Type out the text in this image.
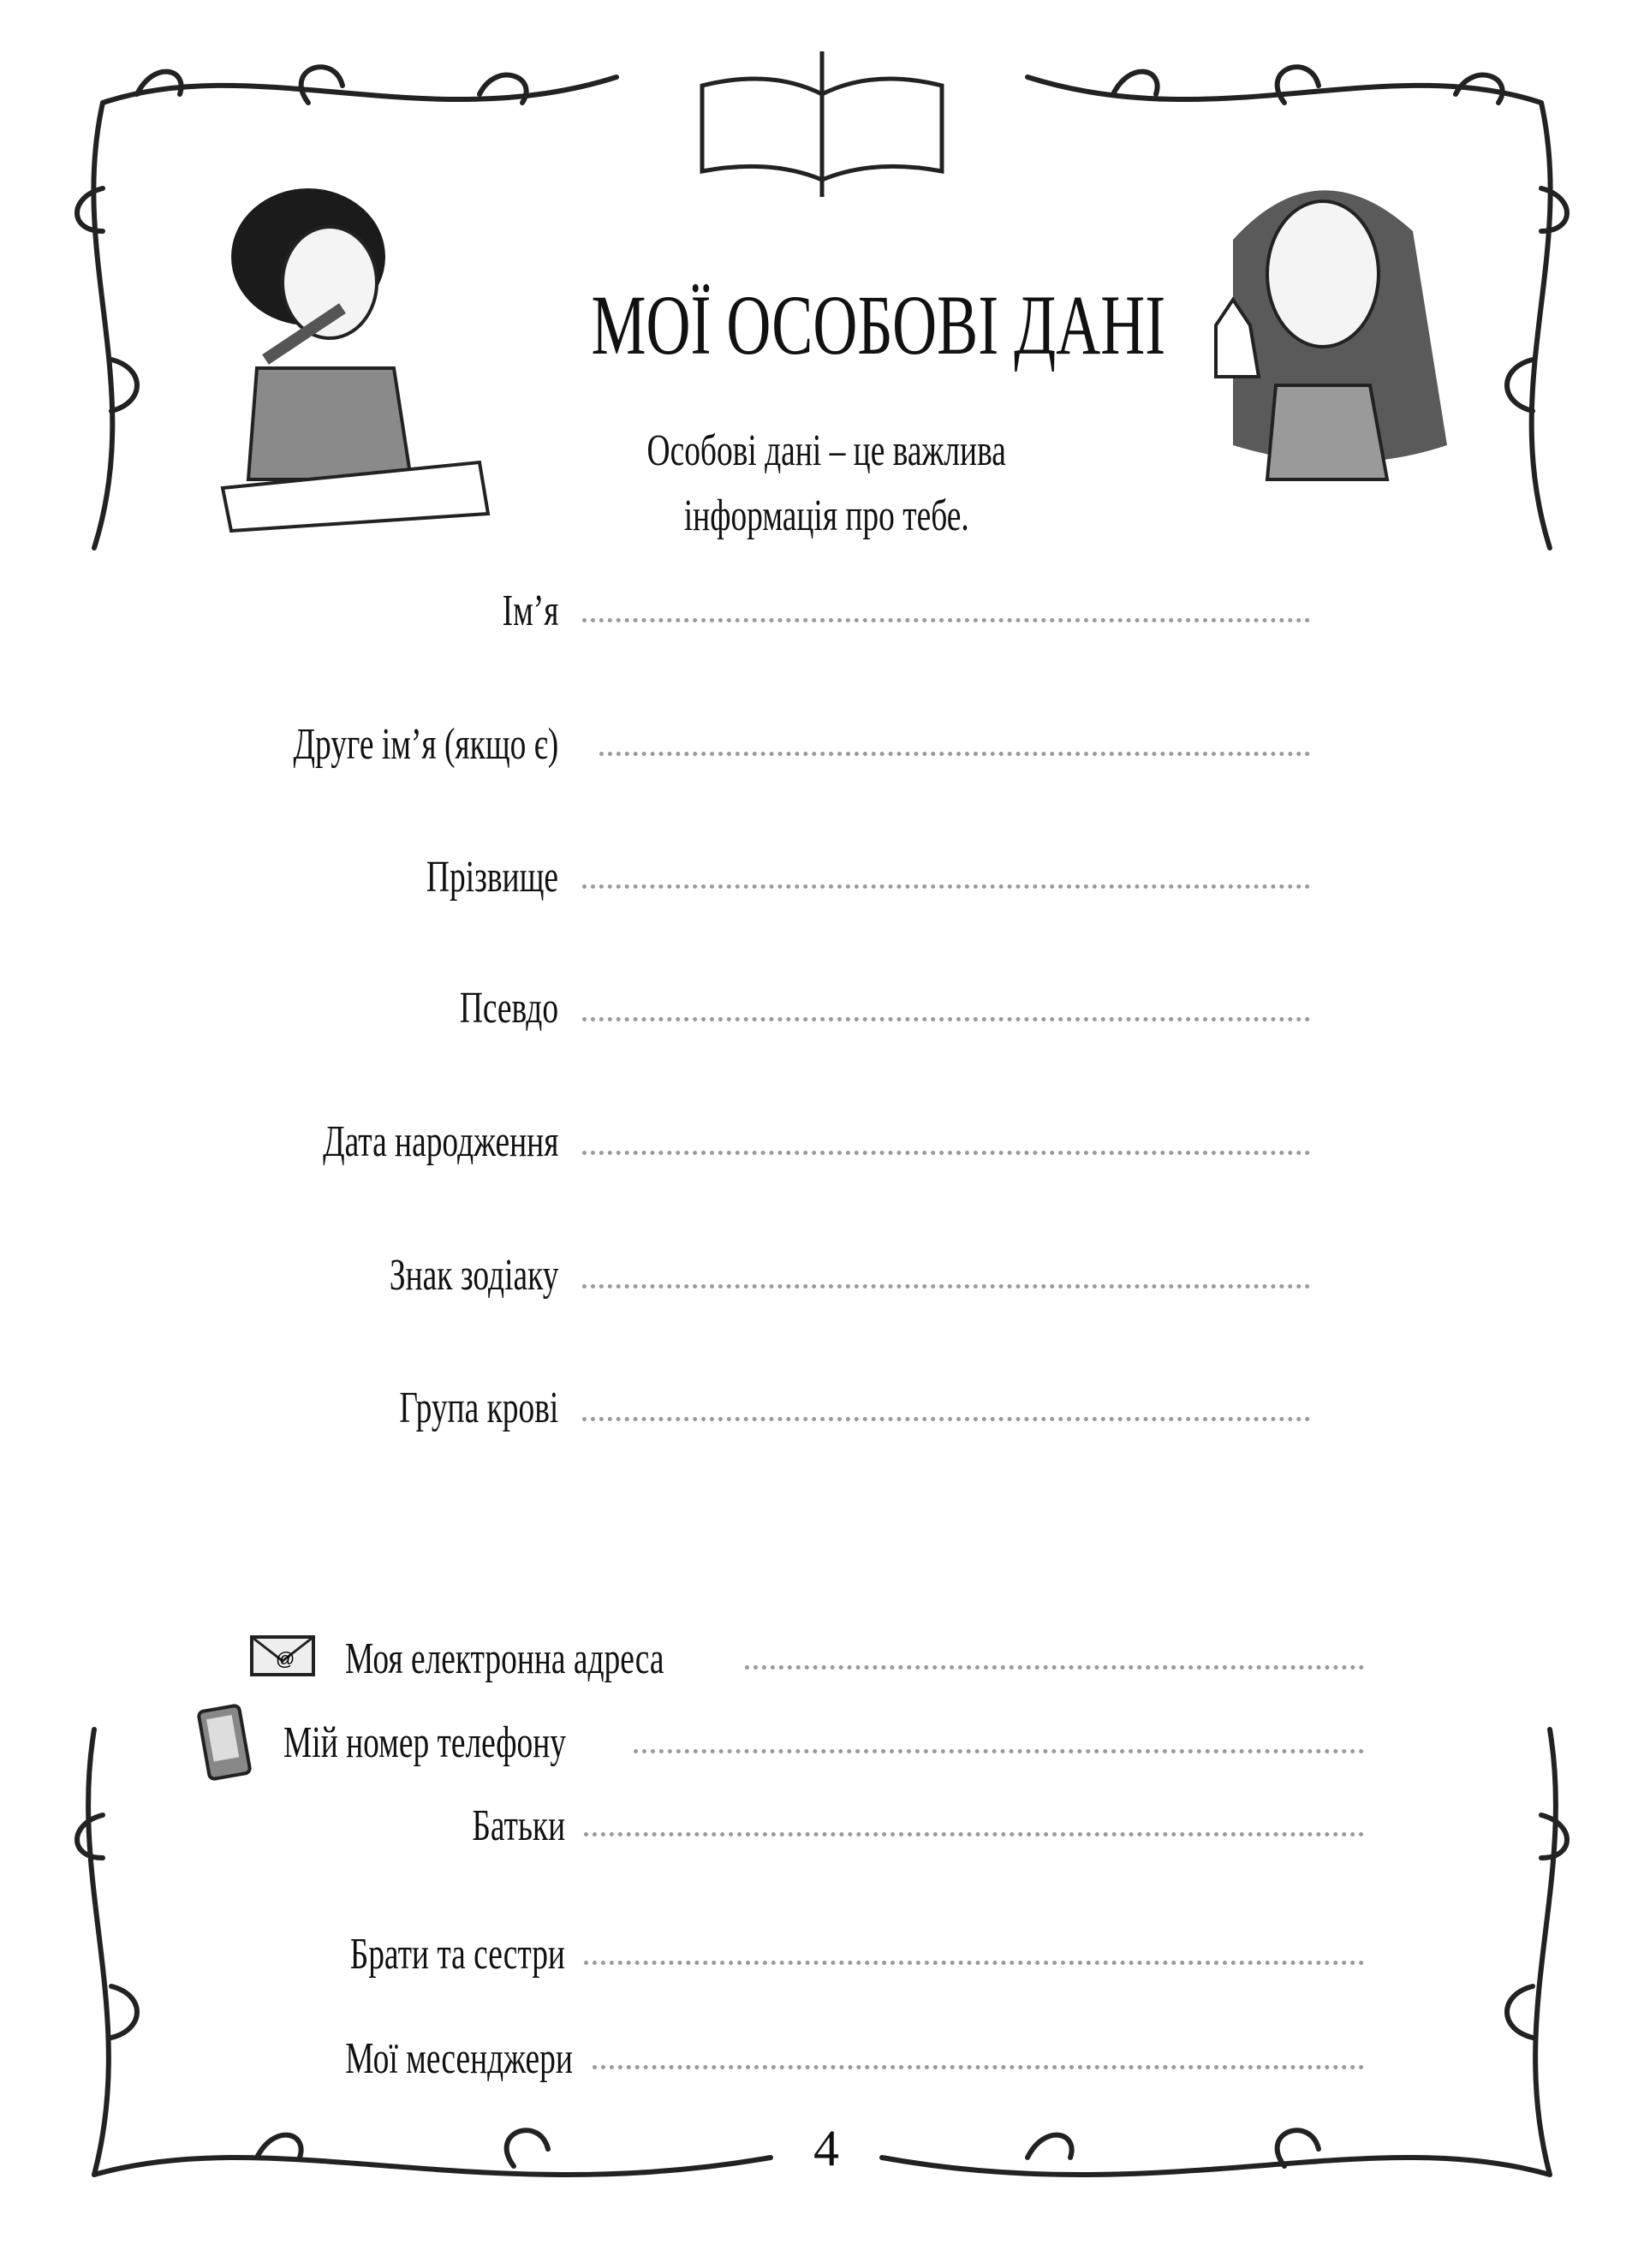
@
МОЇ ОСОБОВІ ДАНІ
Особові дані – це важлива
інформація про тебе.
Ім’я
Друге ім’я (якщо є)
Прізвище
Псевдо
Дата народження
Знак зодіаку
Група крові
Моя електронна адреса
Мій номер телефону
Батьки
Брати та сестри
Мої месенджери
4
